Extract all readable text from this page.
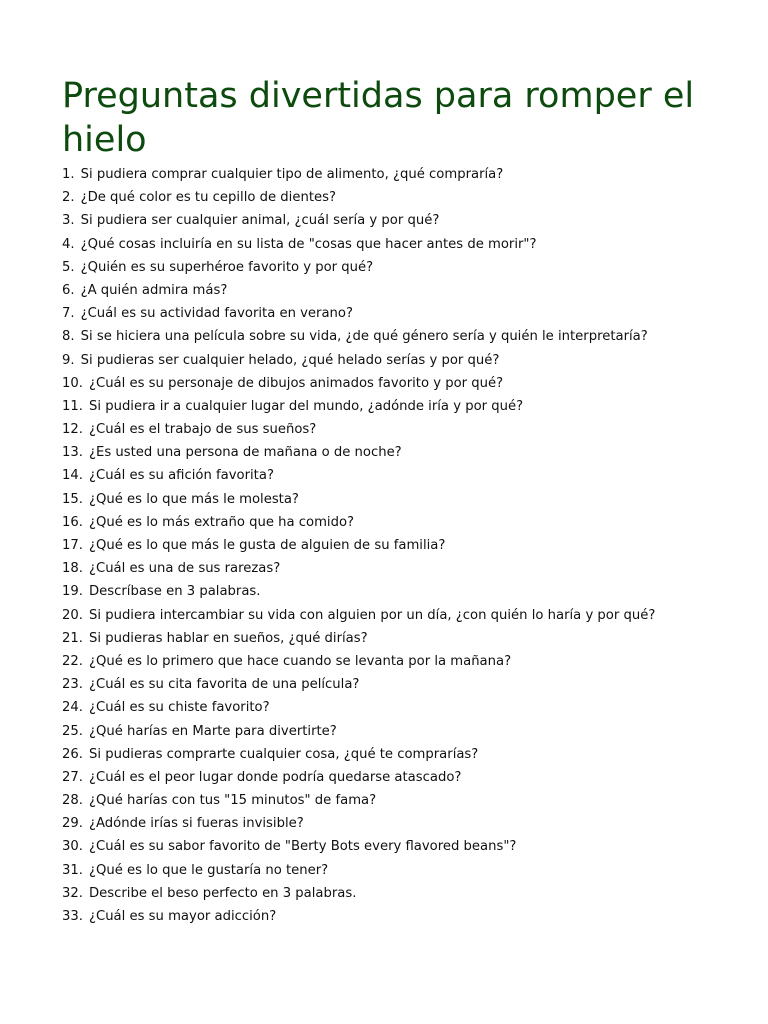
Preguntas divertidas para romper el hielo
1. Si pudiera comprar cualquier tipo de alimento, ¿qué compraría?
2. ¿De qué color es tu cepillo de dientes?
3. Si pudiera ser cualquier animal, ¿cuál sería y por qué?
4. ¿Qué cosas incluiría en su lista de "cosas que hacer antes de morir"?
5. ¿Quién es su superhéroe favorito y por qué?
6. ¿A quién admira más?
7. ¿Cuál es su actividad favorita en verano?
8. Si se hiciera una película sobre su vida, ¿de qué género sería y quién le interpretaría?
9. Si pudieras ser cualquier helado, ¿qué helado serías y por qué?
10. ¿Cuál es su personaje de dibujos animados favorito y por qué?
11. Si pudiera ir a cualquier lugar del mundo, ¿adónde iría y por qué?
12. ¿Cuál es el trabajo de sus sueños?
13. ¿Es usted una persona de mañana o de noche?
14. ¿Cuál es su afición favorita?
15. ¿Qué es lo que más le molesta?
16. ¿Qué es lo más extraño que ha comido?
17. ¿Qué es lo que más le gusta de alguien de su familia?
18. ¿Cuál es una de sus rarezas?
19. Descríbase en 3 palabras.
20. Si pudiera intercambiar su vida con alguien por un día, ¿con quién lo haría y por qué?
21. Si pudieras hablar en sueños, ¿qué dirías?
22. ¿Qué es lo primero que hace cuando se levanta por la mañana?
23. ¿Cuál es su cita favorita de una película?
24. ¿Cuál es su chiste favorito?
25. ¿Qué harías en Marte para divertirte?
26. Si pudieras comprarte cualquier cosa, ¿qué te comprarías?
27. ¿Cuál es el peor lugar donde podría quedarse atascado?
28. ¿Qué harías con tus "15 minutos" de fama?
29. ¿Adónde irías si fueras invisible?
30. ¿Cuál es su sabor favorito de "Berty Bots every flavored beans"?
31. ¿Qué es lo que le gustaría no tener?
32. Describe el beso perfecto en 3 palabras.
33. ¿Cuál es su mayor adicción?
